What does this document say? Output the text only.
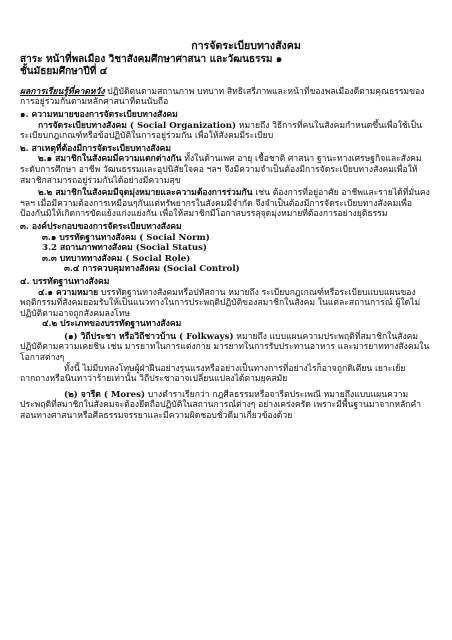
การจัดระเบียบทางสังคม

สาระ หน้าที่พลเมือง วิชาสังคมศึกษาศาสนา และวัฒนธรรม ๑

ชั้นมัธยมศึกษาปีที่ ๔

ผลการเรียนรู้ที่คาดหวัง ปฏิบัติตนตามสถานภาพ บทบาท สิทธิเสรีภาพและหน้าที่ของพลเมืองดีตามคุณธรรมของการอยู่ร่วมกันตามหลักศาสนาที่ตนนับถือ

๑. ความหมายของการจัดระเบียบทางสังคม

การจัดระเบียบทางสังคม ( Social Organization) หมายถึง วิธีการที่คนในสังคมกำหนดขึ้นเพื่อใช้เป็นระเบียบกฎเกณฑ์หรือข้อปฏิบัติในการอยู่ร่วมกัน เพื่อให้สังคมมีระเบียบ

๒. สาเหตุที่ต้องมีการจัดระเบียบทางสังคม

๒.๑ สมาชิกในสังคมมีความแตกต่างกัน ทั้งในด้านเพศ อายุ เชื้อชาติ ศาสนา ฐานะทางเศรษฐกิจและสังคม ระดับการศึกษา อาชีพ วัฒนธรรมและอุปนิสัยใจคอ ฯลฯ จึงมีความจำเป็นต้องมีการจัดระเบียบทางสังคมเพื่อให้สมาชิกสามารถอยู่ร่วมกันได้อย่างมีความสุข

๒.๒ สมาชิกในสังคมมีจุดมุ่งหมายและความต้องการร่วมกัน เช่น ต้องการที่อยู่อาศัย อาชีพและรายได้ที่มั่นคง ฯลฯ เมื่อมีความต้องการเหมือนๆกันแต่ทรัพยากรในสังคมมีจำกัด จึงจำเป็นต้องมีการจัดระเบียบทางสังคมเพื่อป้องกันมิให้เกิดการขัดแย้งแก่งแย่งกัน เพื่อให้สมาชิกมีโอกาสบรรลุจุดมุ่งหมายที่ต้องการอย่างยุติธรรม

๓. องค์ประกอบของการจัดระเบียบทางสังคม

๓.๑ บรรทัดฐานทางสังคม ( Social Norm)

3.2 สถานภาพทางสังคม (Social Status)

๓.๓ บทบาททางสังคม ( Social Role)

๓.๔ การควบคุมทางสังคม (Social Control)

๔. บรรทัดฐานทางสังคม

๔.๑ ความหมาย บรรทัดฐานทางสังคมหรือปทัสถาน หมายถึง ระเบียบกฎเกณฑ์หรือระเบียบแบบแผนของพฤติกรรมที่สังคมยอมรับให้เป็นแนวทางในการประพฤติปฏิบัติของสมาชิกในสังคม ในแต่ละสถานการณ์ ผู้ใดไม่ปฏิบัติตามอาจถูกสังคมลงโทษ

๔.๒ ประเภทของบรรทัดฐานทางสังคม

(๑) วิถีประชา หรือวิถีชาวบ้าน ( Folkways) หมายถึง แบบแผนความประพฤติที่สมาชิกในสังคมปฏิบัติตามความเคยชิน เช่น มารยาทในการแต่งกาย มารยาทในการรับประทานอาหาร และมารยาททางสังคมในโอกาสต่างๆ

ทั้งนี้ ไม่มีบทลงโทษผู้ฝ่าฝืนอย่างรุนแรงหรืออย่างเป็นทางการที่อย่างไรก็อาจถูกติเตียน เยาะเย้ยถากถางหรือนินทาว่าร้ายเท่านั้น วิถีประชาอาจเปลี่ยนแปลงได้ตามยุคสมัย

(๒) จารีต ( Mores) บางตำราเรียกว่า กฎศีลธรรมหรือจารีตประเพณี หมายถึงแบบแผนความประพฤติที่สมาชิกในสังคมจะต้องยึดถือปฏิบัติในสถานการณ์ต่างๆ อย่างเคร่งครัด เพราะมีพื้นฐานมาจากหลักคำสอนทางศาสนาหรือศีลธรรมจรรยาและมีความผิดชอบชั่วดีมาเกี่ยวข้องด้วย
